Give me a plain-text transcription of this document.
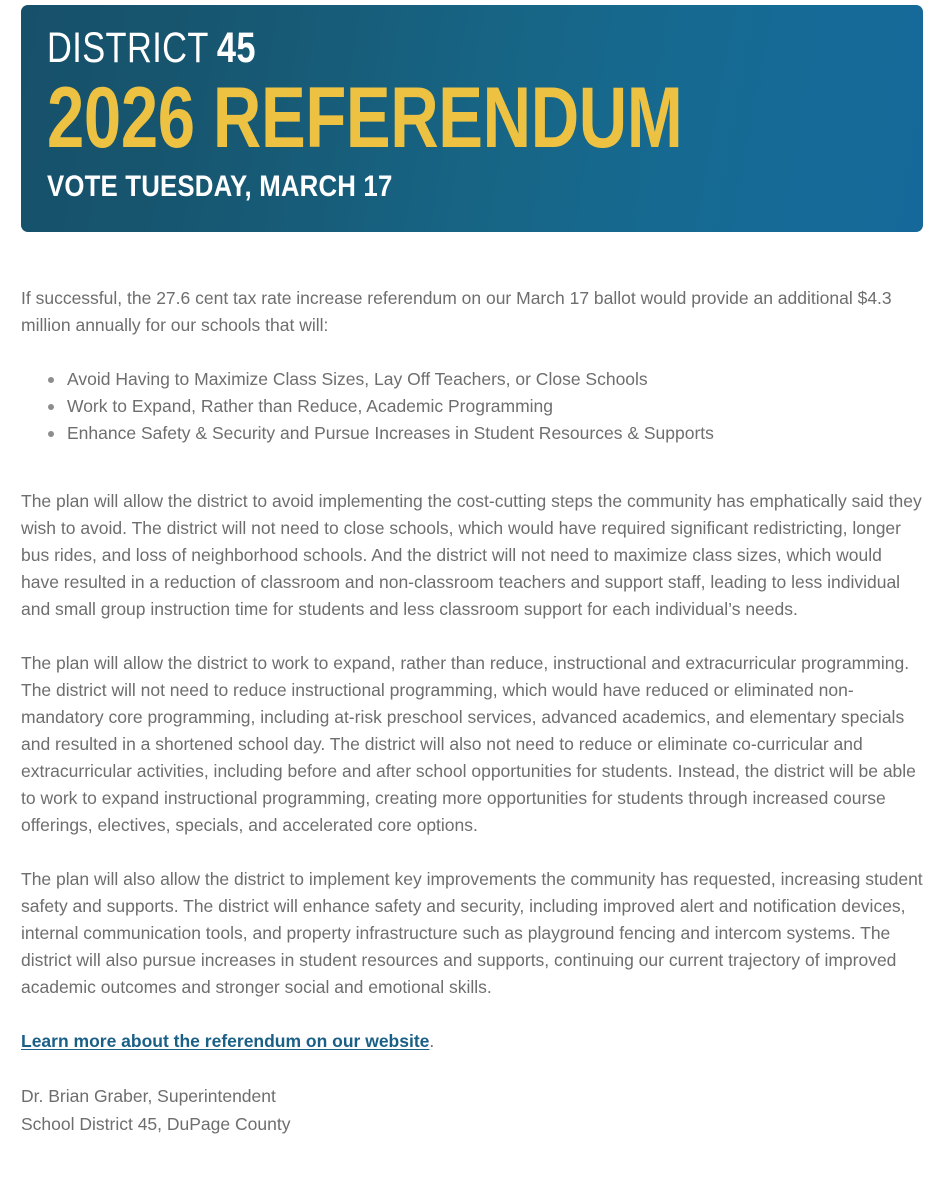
DISTRICT 45
2026 REFERENDUM
VOTE TUESDAY, MARCH 17

If successful, the 27.6 cent tax rate increase referendum on our March 17 ballot would provide an additional $4.3 million annually for our schools that will:

Avoid Having to Maximize Class Sizes, Lay Off Teachers, or Close Schools
Work to Expand, Rather than Reduce, Academic Programming
Enhance Safety & Security and Pursue Increases in Student Resources & Supports

The plan will allow the district to avoid implementing the cost-cutting steps the community has emphatically said they wish to avoid. The district will not need to close schools, which would have required significant redistricting, longer bus rides, and loss of neighborhood schools. And the district will not need to maximize class sizes, which would have resulted in a reduction of classroom and non-classroom teachers and support staff, leading to less individual and small group instruction time for students and less classroom support for each individual’s needs.

The plan will allow the district to work to expand, rather than reduce, instructional and extracurricular programming. The district will not need to reduce instructional programming, which would have reduced or eliminated non-mandatory core programming, including at-risk preschool services, advanced academics, and elementary specials and resulted in a shortened school day. The district will also not need to reduce or eliminate co-curricular and extracurricular activities, including before and after school opportunities for students. Instead, the district will be able to work to expand instructional programming, creating more opportunities for students through increased course offerings, electives, specials, and accelerated core options.

The plan will also allow the district to implement key improvements the community has requested, increasing student safety and supports. The district will enhance safety and security, including improved alert and notification devices, internal communication tools, and property infrastructure such as playground fencing and intercom systems. The district will also pursue increases in student resources and supports, continuing our current trajectory of improved academic outcomes and stronger social and emotional skills.

Learn more about the referendum on our website.

Dr. Brian Graber, Superintendent
School District 45, DuPage County
